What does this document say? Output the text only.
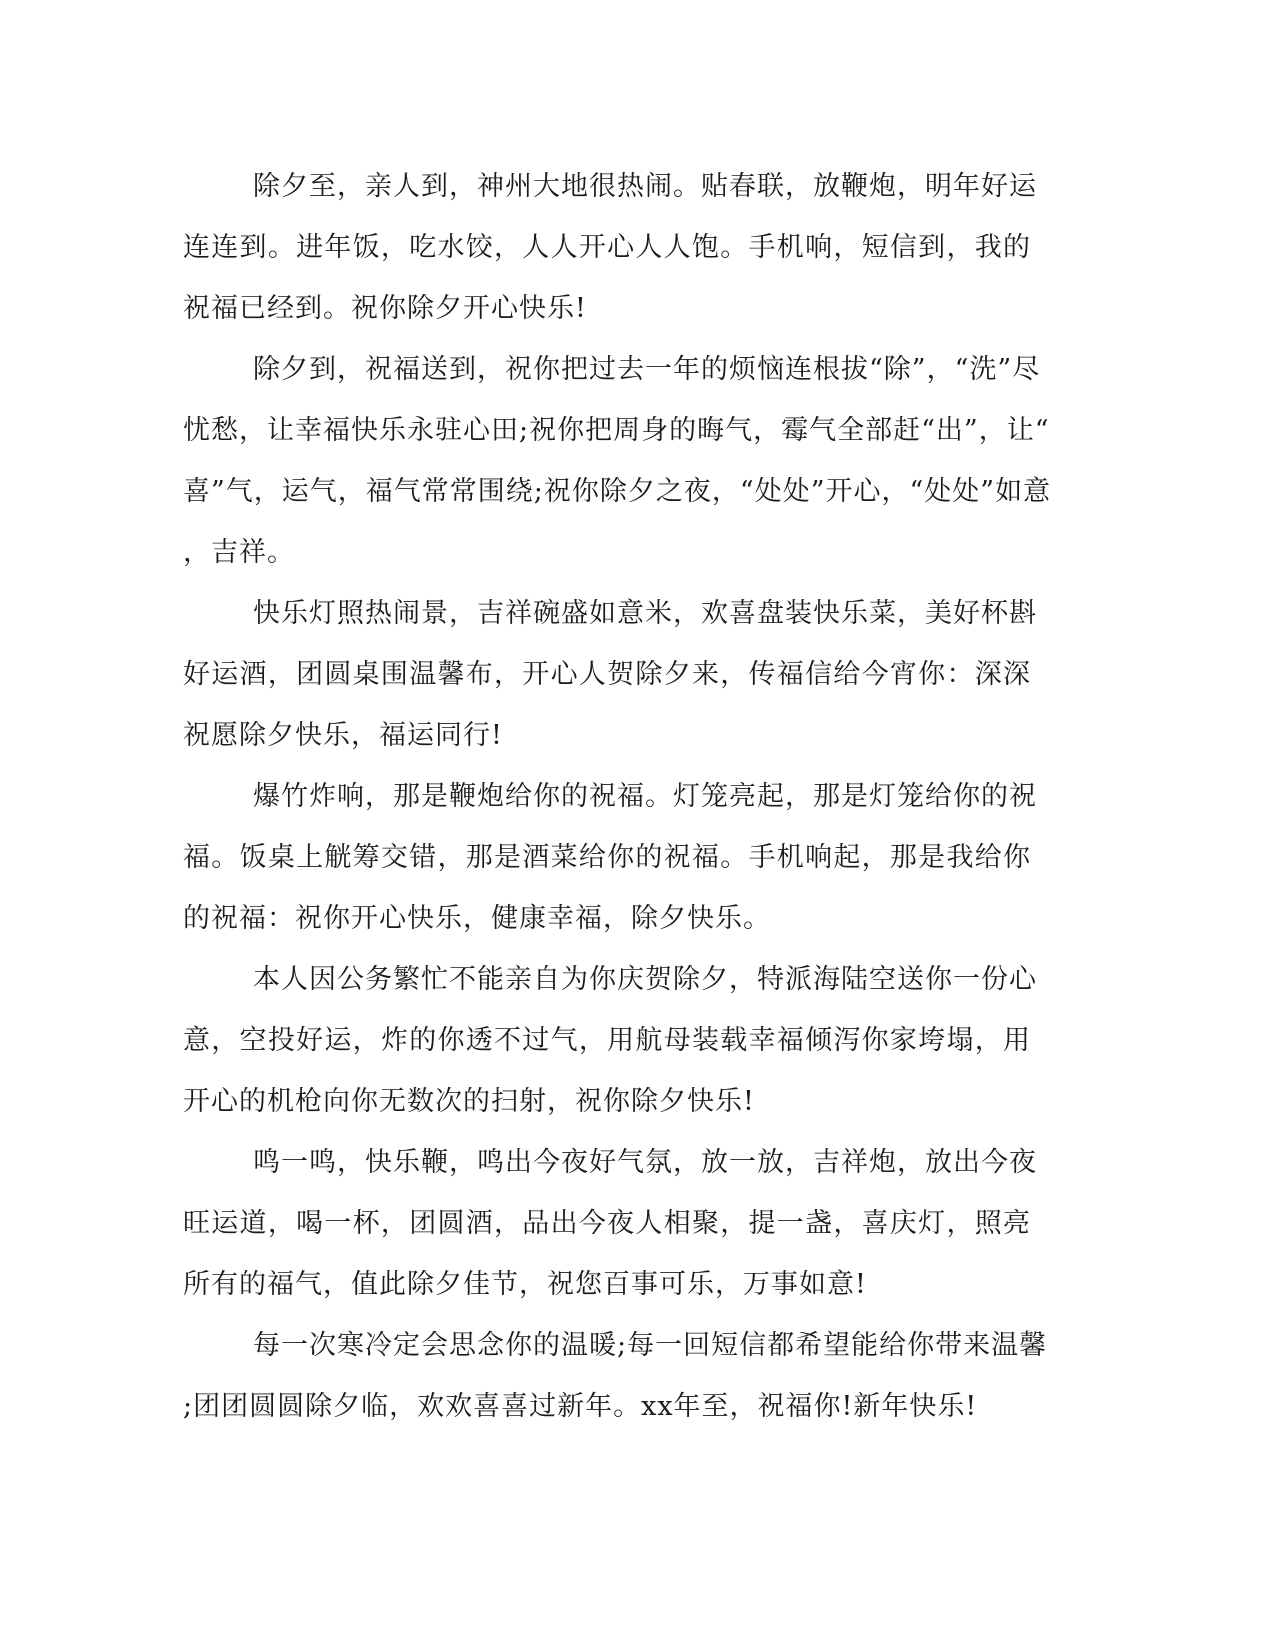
除夕至，亲人到，神州大地很热闹。贴春联，放鞭炮，明年好运
连连到。进年饭，吃水饺，人人开心人人饱。手机响，短信到，我的
祝福已经到。祝你除夕开心快乐!
除夕到，祝福送到，祝你把过去一年的烦恼连根拔“除”，“洗”尽
忧愁，让幸福快乐永驻心田;祝你把周身的晦气，霉气全部赶“出”，让“
喜”气，运气，福气常常围绕;祝你除夕之夜，“处处”开心，“处处”如意
，吉祥。
快乐灯照热闹景，吉祥碗盛如意米，欢喜盘装快乐菜，美好杯斟
好运酒，团圆桌围温馨布，开心人贺除夕来，传福信给今宵你：深深
祝愿除夕快乐，福运同行!
爆竹炸响，那是鞭炮给你的祝福。灯笼亮起，那是灯笼给你的祝
福。饭桌上觥筹交错，那是酒菜给你的祝福。手机响起，那是我给你
的祝福：祝你开心快乐，健康幸福，除夕快乐。
本人因公务繁忙不能亲自为你庆贺除夕，特派海陆空送你一份心
意，空投好运，炸的你透不过气，用航母装载幸福倾泻你家垮塌，用
开心的机枪向你无数次的扫射，祝你除夕快乐!
鸣一鸣，快乐鞭，鸣出今夜好气氛，放一放，吉祥炮，放出今夜
旺运道，喝一杯，团圆酒，品出今夜人相聚，提一盏，喜庆灯，照亮
所有的福气，值此除夕佳节，祝您百事可乐，万事如意!
每一次寒冷定会思念你的温暖;每一回短信都希望能给你带来温馨
;团团圆圆除夕临，欢欢喜喜过新年。xx年至，祝福你!新年快乐!
